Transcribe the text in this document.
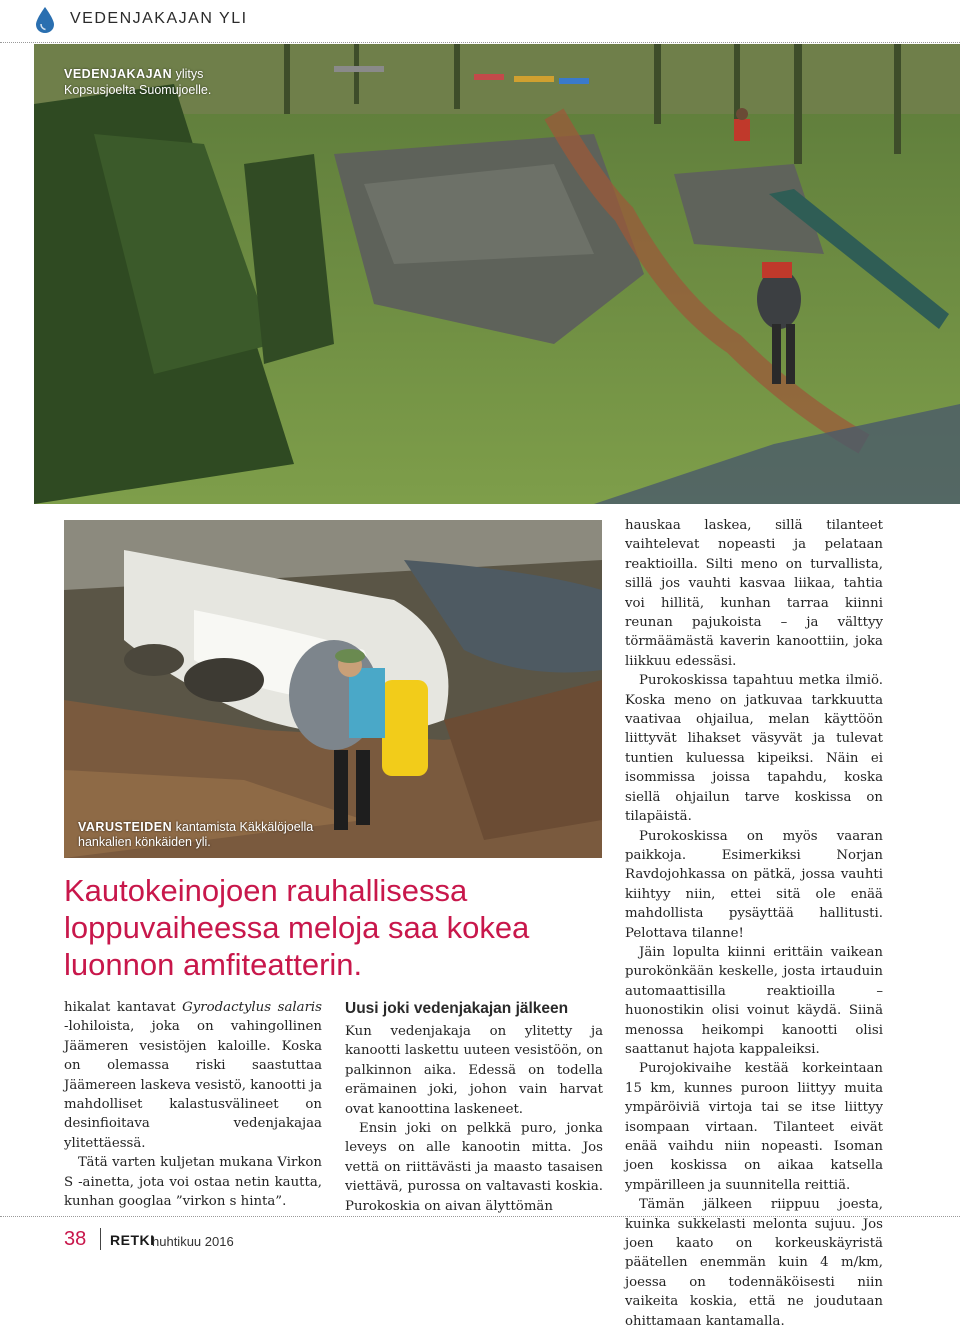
VEDENJAKAJAN YLI
VEDENJAKAJAN ylitys
Kopsusjoelta Suomujoelle.
VARUSTEIDEN kantamista Käkkälöjoella
hankalien könkäiden yli.
Kautokeinojoen rauhallisessa loppuvaiheessa meloja saa kokea luonnon amfiteatterin.

hikalat kantavat Gyrodactylus salaris -lohiloista, joka on vahingollinen Jäämeren vesistöjen kaloille. Koska on olemassa riski saastuttaa Jäämereen laskeva vesistö, kanootti ja mahdolliset kalastusvälineet on desinfioitava vedenjakajaa ylitettäessä.

Tätä varten kuljetan mukana Virkon S -ainetta, jota voi ostaa netin kautta, kunhan googlaa ”virkon s hinta”.

Uusi joki vedenjakajan jälkeen

Kun vedenjakaja on ylitetty ja kanootti laskettu uuteen vesistöön, on palkinnon aika. Edessä on todella erämainen joki, johon vain harvat ovat kanoottina laskeneet.

Ensin joki on pelkkä puro, jonka leveys on alle kanootin mitta. Jos vettä on riittävästi ja maasto tasaisen viettävä, purossa on valtavasti koskia. Purokoskia on aivan älyttömän

hauskaa laskea, sillä tilanteet vaihtelevat nopeasti ja pelataan reaktioilla. Silti meno on turvallista, sillä jos vauhti kasvaa liikaa, tahtia voi hillitä, kunhan tarraa kiinni reunan pajukoista – ja välttyy törmäämästä kaverin kanoottiin, joka liikkuu edessäsi.

Purokoskissa tapahtuu metka ilmiö. Koska meno on jatkuvaa tarkkuutta vaativaa ohjailua, melan käyttöön liittyvät lihakset väsyvät ja tulevat tuntien kuluessa kipeiksi. Näin ei isommissa joissa tapahdu, koska siellä ohjailun tarve koskissa on tilapäistä.

Purokoskissa on myös vaaran paikkoja. Esimerkiksi Norjan Ravdojohkassa on pätkä, jossa vauhti kiihtyy niin, ettei sitä ole enää mahdollista pysäyttää hallitusti. Pelottava tilanne!

Jäin lopulta kiinni erittäin vaikean purokönkään keskelle, josta irtauduin automaattisilla reaktioilla – huonostikin olisi voinut käydä. Siinä menossa heikompi kanootti olisi saattanut hajota kappaleiksi.

Purojokivaihe kestää korkeintaan 15 km, kunnes puroon liittyy muita ympäröiviä virtoja tai se itse liittyy isompaan virtaan. Tilanteet eivät enää vaihdu niin nopeasti. Isoman joen koskissa on aikaa katsella ympärilleen ja suunnitella reittiä.

Tämän jälkeen riippuu joesta, kuinka sukkelasti melonta sujuu. Jos joen kaato on korkeuskäyristä päätellen enemmän kuin 4 m/km, joessa on todennäköisesti niin vaikeita koskia, että ne joudutaan ohittamaan kantamalla.

38 RETKI
huhtikuu 2016
